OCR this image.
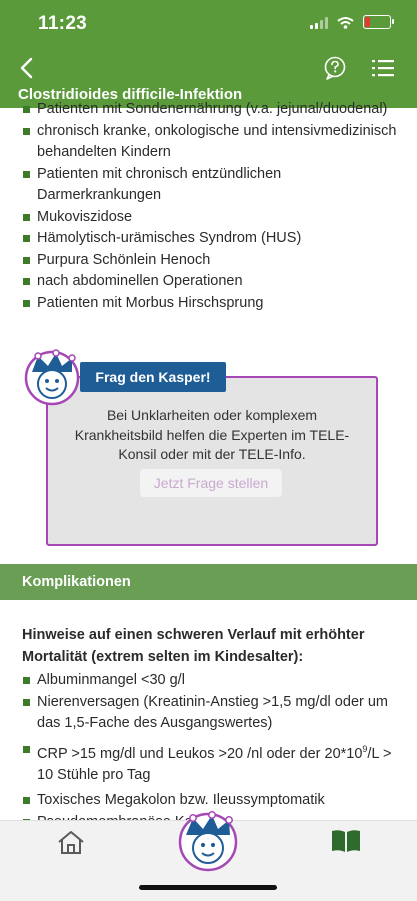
11:23
Clostridioides difficile-Infektion
Patienten mit Sondenernährung (v.a. jejunal/duodenal)
chronisch kranke, onkologische und intensivmedizinisch behandelten Kindern
Patienten mit chronisch entzündlichen Darmerkrankungen
Mukoviszidose
Hämolytisch-urämisches Syndrom (HUS)
Purpura Schönlein Henoch
nach abdominellen Operationen
Patienten mit Morbus Hirschsprung
Bei Unklarheiten oder komplexem Krankheitsbild helfen die Experten im TELE-Konsil oder mit der TELE-Info.
Jetzt Frage stellen
Frag den Kasper!
Komplikationen
Hinweise auf einen schweren Verlauf mit erhöhter Mortalität (extrem selten im Kindesalter):
Albuminmangel <30 g/l
Nierenversagen (Kreatinin-Anstieg >1,5 mg/dl oder um das 1,5-Fache des Ausgangswertes)
CRP >15 mg/dl und Leukos >20 /nl oder der $20*10^9/L > 10$ Stühle pro Tag
Toxisches Megakolon bzw. Ileussymptomatik
